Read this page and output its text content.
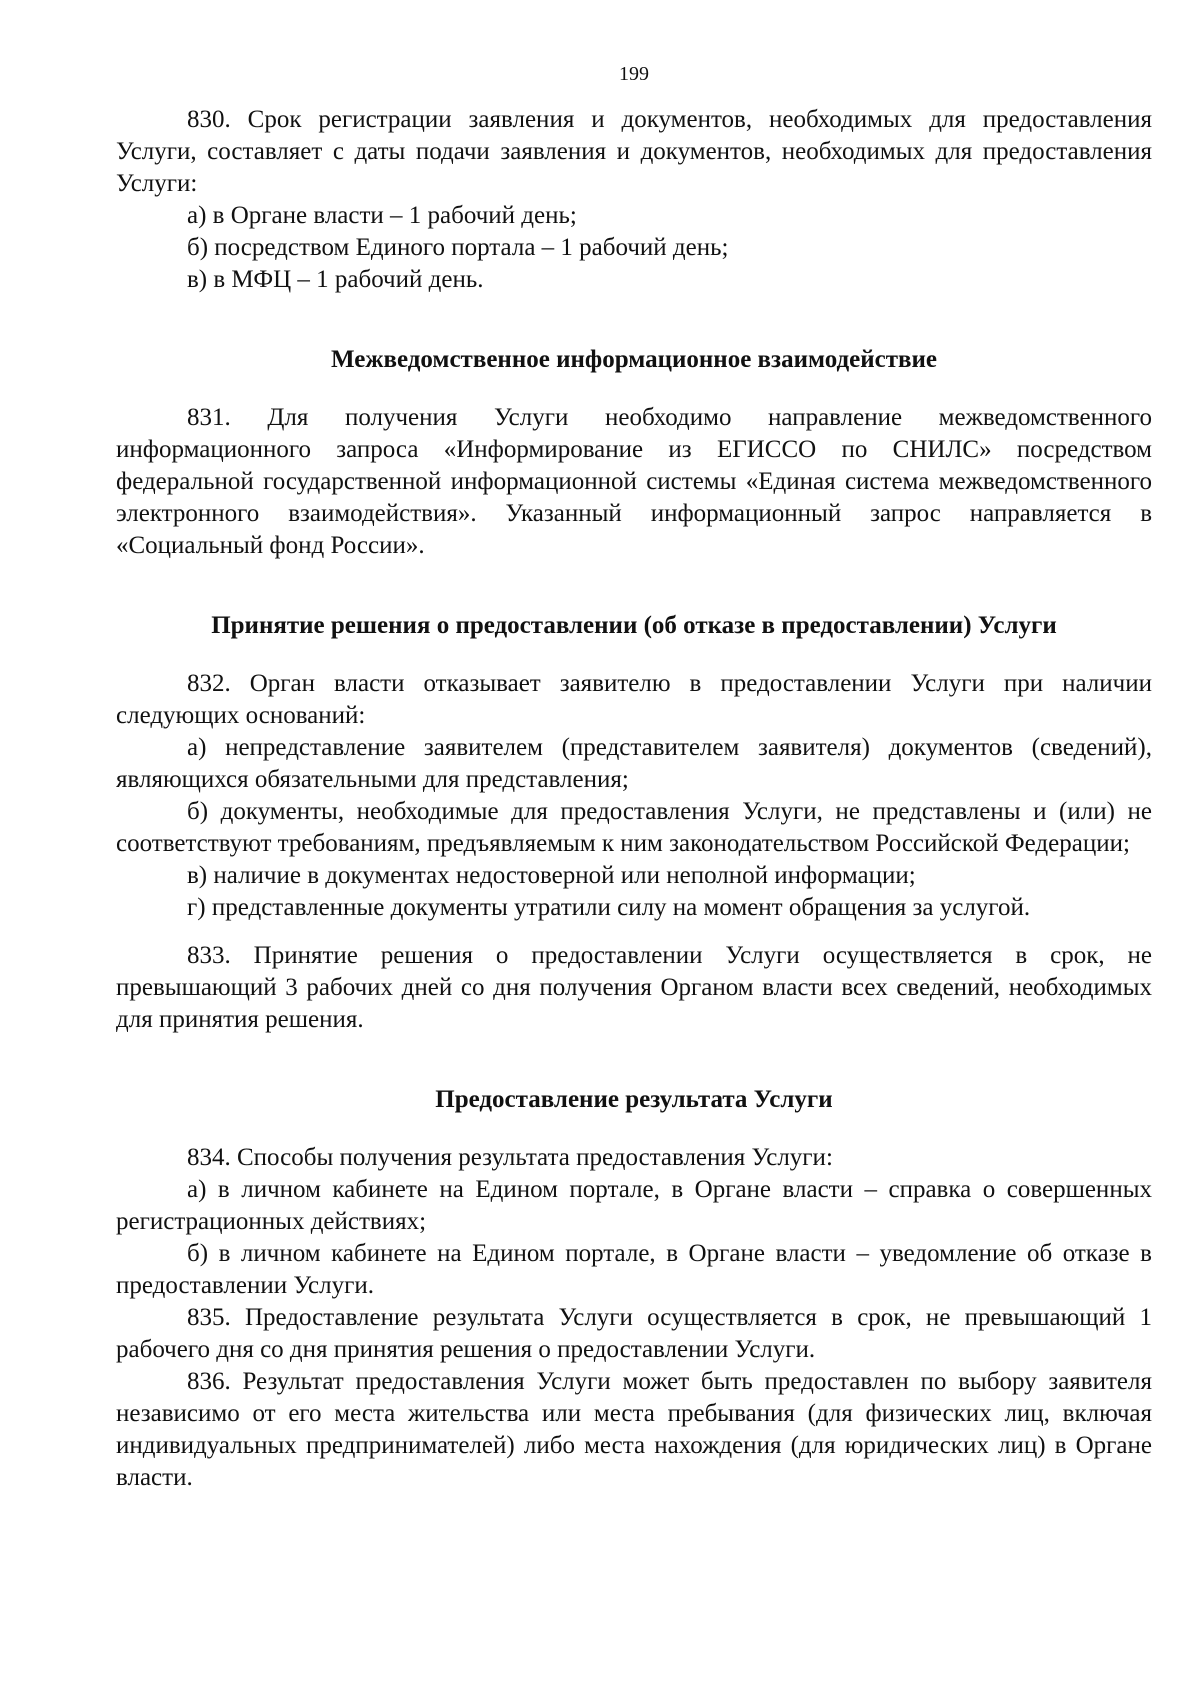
199

830. Срок регистрации заявления и документов, необходимых для предоставления Услуги, составляет с даты подачи заявления и документов, необходимых для предоставления Услуги:

а) в Органе власти – 1 рабочий день;

б) посредством Единого портала – 1 рабочий день;

в) в МФЦ – 1 рабочий день.

Межведомственное информационное взаимодействие

831. Для получения Услуги необходимо направление межведомственного информационного запроса «Информирование из ЕГИССО по СНИЛС» посредством федеральной государственной информационной системы «Единая система межведомственного электронного взаимодействия». Указанный информационный запрос направляется в «Социальный фонд России».

Принятие решения о предоставлении (об отказе в предоставлении) Услуги

832. Орган власти отказывает заявителю в предоставлении Услуги при наличии следующих оснований:

а) непредставление заявителем (представителем заявителя) документов (сведений), являющихся обязательными для представления;

б) документы, необходимые для предоставления Услуги, не представлены и (или) не соответствуют требованиям, предъявляемым к ним законодательством Российской Федерации;

в) наличие в документах недостоверной или неполной информации;

г) представленные документы утратили силу на момент обращения за услугой.

833. Принятие решения о предоставлении Услуги осуществляется в срок, не превышающий 3 рабочих дней со дня получения Органом власти всех сведений, необходимых для принятия решения.

Предоставление результата Услуги

834. Способы получения результата предоставления Услуги:

а) в личном кабинете на Едином портале, в Органе власти – справка о совершенных регистрационных действиях;

б) в личном кабинете на Едином портале, в Органе власти – уведомление об отказе в предоставлении Услуги.

835. Предоставление результата Услуги осуществляется в срок, не превышающий 1 рабочего дня со дня принятия решения о предоставлении Услуги.

836. Результат предоставления Услуги может быть предоставлен по выбору заявителя независимо от его места жительства или места пребывания (для физических лиц, включая индивидуальных предпринимателей) либо места нахождения (для юридических лиц) в Органе власти.
